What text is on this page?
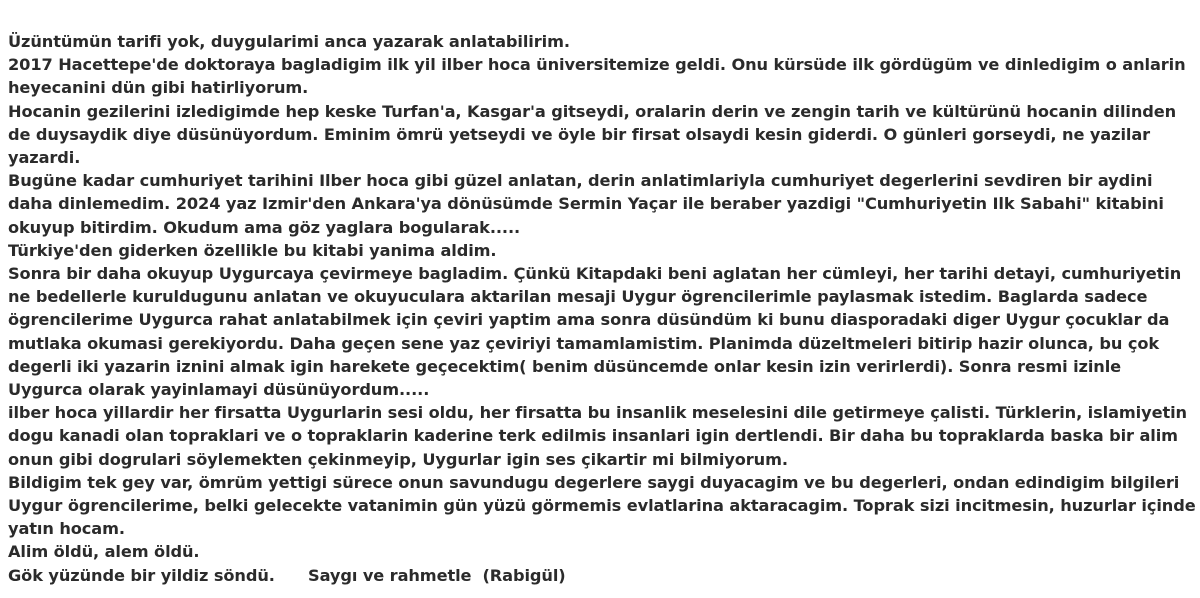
Üzüntümün tarifi yok, duygularimi anca yazarak anlatabilirim.

2017 Hacettepe'de doktoraya bagladigim ilk yil ilber hoca üniversitemize geldi. Onu kürsüde ilk gördügüm ve dinledigim o anlarin heyecanini dün gibi hatirliyorum.

Hocanin gezilerini izledigimde hep keske Turfan'a, Kasgar'a gitseydi, oralarin derin ve zengin tarih ve kültürünü hocanin dilinden de duysaydik diye düsünüyordum. Eminim ömrü yetseydi ve öyle bir firsat olsaydi kesin giderdi. O günleri gorseydi, ne yazilar yazardi.

Bugüne kadar cumhuriyet tarihini Ilber hoca gibi güzel anlatan, derin anlatimlariyla cumhuriyet degerlerini sevdiren bir aydini daha dinlemedim. 2024 yaz Izmir'den Ankara'ya dönüsümde Sermin Yaçar ile beraber yazdigi "Cumhuriyetin Ilk Sabahi" kitabini okuyup bitirdim. Okudum ama göz yaglara bogularak.....

Türkiye'den giderken özellikle bu kitabi yanima aldim.

Sonra bir daha okuyup Uygurcaya çevirmeye bagladim. Çünkü Kitapdaki beni aglatan her cümleyi, her tarihi detayi, cumhuriyetin ne bedellerle kuruldugunu anlatan ve okuyuculara aktarilan mesaji Uygur ögrencilerimle paylasmak istedim. Baglarda sadece ögrencilerime Uygurca rahat anlatabilmek için çeviri yaptim ama sonra düsündüm ki bunu diasporadaki diger Uygur çocuklar da mutlaka okumasi gerekiyordu. Daha geçen sene yaz çeviriyi tamamlamistim. Planimda düzeltmeleri bitirip hazir olunca, bu çok degerli iki yazarin iznini almak igin harekete geçecektim( benim düsüncemde onlar kesin izin verirlerdi). Sonra resmi izinle Uygurca olarak yayinlamayi düsünüyordum.....

ilber hoca yillardir her firsatta Uygurlarin sesi oldu, her firsatta bu insanlik meselesini dile getirmeye çalisti. Türklerin, islamiyetin dogu kanadi olan topraklari ve o topraklarin kaderine terk edilmis insanlari igin dertlendi. Bir daha bu topraklarda baska bir alim onun gibi dogrulari söylemekten çekinmeyip, Uygurlar igin ses çikartir mi bilmiyorum.

Bildigim tek gey var, ömrüm yettigi sürece onun savundugu degerlere saygi duyacagim ve bu degerleri, ondan edindigim bilgileri Uygur ögrencilerime, belki gelecekte vatanimin gün yüzü görmemis evlatlarina aktaracagim. Toprak sizi incitmesin, huzurlar içinde yatın hocam.

Alim öldü, alem öldü.

Gök yüzünde bir yildiz söndü.      Saygı ve rahmetle  (Rabigül)
